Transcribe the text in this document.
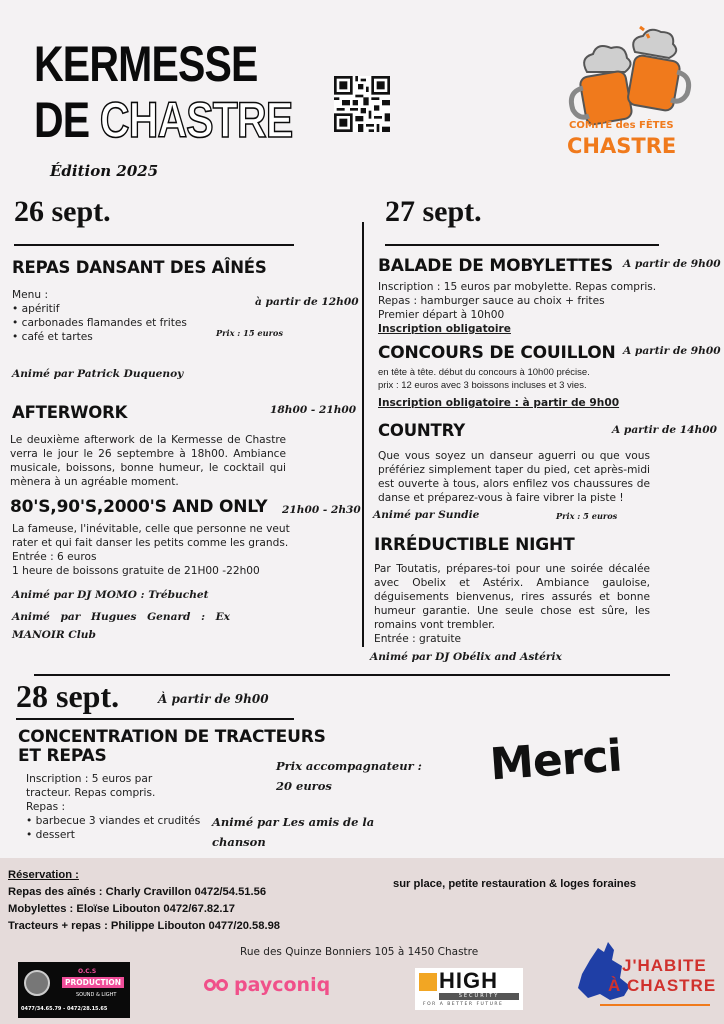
KERMESSE
DE CHASTRE
Édition 2025
COMITÉ des FÊTES
CHASTRE
26 sept.
REPAS DANSANT DES AÎNÉS
Menu :
• apéritif
• carbonades flamandes et frites
• café et tartes
à partir de 12h00
Prix : 15 euros
Animé par Patrick Duquenoy
AFTERWORK	18h00 - 21h00
Le deuxième afterwork de la Kermesse de Chastre verra le jour le 26 septembre à 18h00. Ambiance musicale, boissons, bonne humeur, le cocktail qui mènera à un agréable moment.
80'S,90'S,2000'S AND ONLY 21h00 - 2h30
La fameuse, l'inévitable, celle que personne ne veut rater et qui fait danser les petits comme les grands.
Entrée : 6 euros
1 heure de boissons gratuite de 21H00 -22h00
Animé par DJ MOMO : Trébuchet
Animé par Hugues Genard : Ex MANOIR Club
27 sept.
BALADE DE MOBYLETTES A partir de 9h00
Inscription : 15 euros par mobylette. Repas compris.
Repas : hamburger sauce au choix + frites
Premier départ à 10h00
Inscription obligatoire
CONCOURS DE COUILLON A partir de 9h00
en tête à tête. début du concours à 10h00 précise.
prix : 12 euros avec 3 boissons incluses et 3 vies.
Inscription obligatoire : à partir de 9h00
COUNTRY	A partir de 14h00
Que vous soyez un danseur aguerri ou que vous préfériez simplement taper du pied, cet après-midi est ouverte à tous, alors enfilez vos chaussures de danse et préparez-vous à faire vibrer la piste !
Animé par Sundie	Prix : 5 euros
IRRÉDUCTIBLE NIGHT
Par Toutatis, prépares-toi pour une soirée décalée avec Obelix et Astérix. Ambiance gauloise, déguisements bienvenus, rires assurés et bonne humeur garantie. Une seule chose est sûre, les romains vont trembler.
Entrée : gratuite
Animé par DJ Obélix and Astérix
28 sept.	À partir de 9h00
CONCENTRATION DE TRACTEURS
ET REPAS
Inscription : 5 euros par
tracteur. Repas compris.
Repas :
• barbecue 3 viandes et crudités
• dessert
Prix accompagnateur :
20 euros
Animé par Les amis de la
chanson
Merci
Réservation :
Repas des aînés : Charly Cravillon 0472/54.51.56
Mobylettes : Eloïse Libouton 0472/67.82.17
Tracteurs + repas : Philippe Libouton 0477/20.58.98
sur place, petite restauration & loges foraines
Rue des Quinze Bonniers 105 à 1450 Chastre
O.C.S
PRODUCTION
SOUND & LIGHT
0477/34.65.79 - 0472/28.15.65
payconiq	HIGH
SECURITY
FOR A BETTER FUTURE
J'HABITE
À CHASTRE
